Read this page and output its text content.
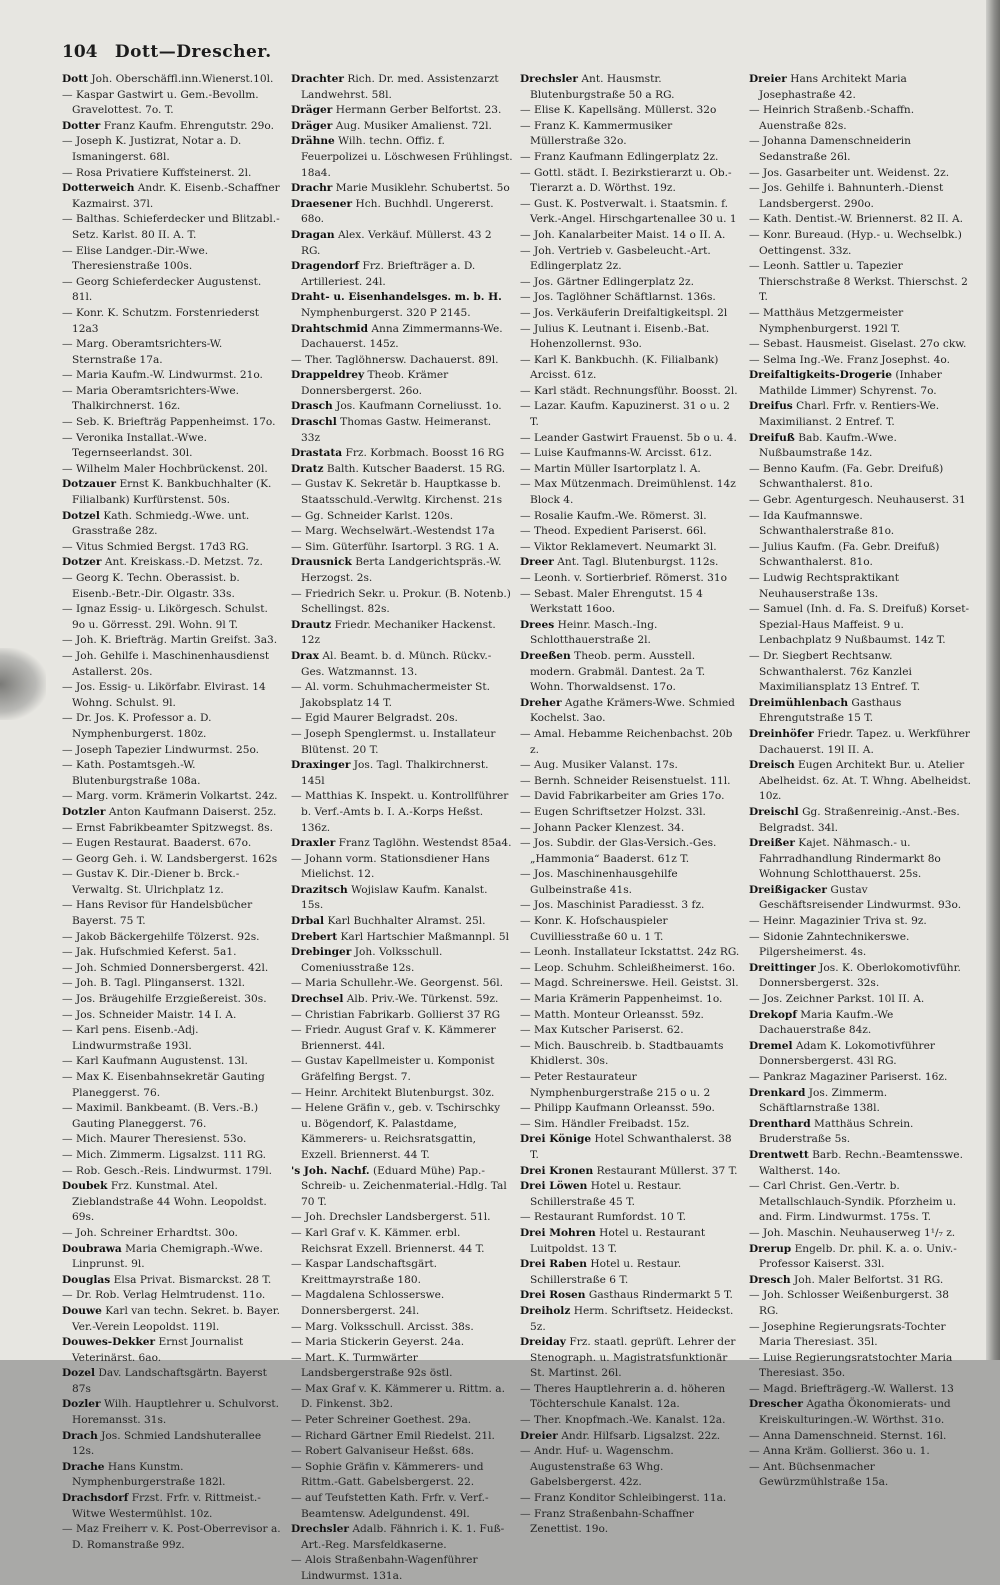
104 Dott—Drescher.
Dott Joh. Oberschäffl.inn.Wienerst.10l.
— Kaspar Gastwirt u. Gem.-Bevollm. Gravelottest. 7o. T.
Dotter Franz Kaufm. Ehrengutstr. 29o.
— Joseph K. Justizrat, Notar a. D. Ismaningerst. 68l.
— Rosa Privatiere Kuffsteinerst. 2l.
Dotterweich Andr. K. Eisenb.-Schaffner Kazmairst. 37l.
— Balthas. Schieferdecker und Blitzabl.-Setz. Karlst. 80 II. A. T.
— Elise Landger.-Dir.-Wwe. Theresienstraße 100s.
— Georg Schieferdecker Augustenst. 81l.
— Konr. K. Schutzm. Forstenriederst 12a3
— Marg. Oberamtsrichters-W. Sternstraße 17a.
— Maria Kaufm.-W. Lindwurmst. 21o.
— Maria Oberamtsrichters-Wwe. Thalkirchnerst. 16z.
— Seb. K. Briefträg Pappenheimst. 17o.
— Veronika Installat.-Wwe. Tegernseerlandst. 30l.
— Wilhelm Maler Hochbrückenst. 20l.
Dotzauer Ernst K. Bankbuchhalter (K. Filialbank) Kurfürstenst. 50s.
Dotzel Kath. Schmiedg.-Wwe. unt. Grasstraße 28z.
— Vitus Schmied Bergst. 17d3 RG.
Dotzer Ant. Kreiskass.-D. Metzst. 7z.
— Georg K. Techn. Oberassist. b. Eisenb.-Betr.-Dir. Olgastr. 33s.
— Ignaz Essig- u. Likörgesch. Schulst. 9o u. Görresst. 29l. Wohn. 9l T.
— Joh. K. Briefträg. Martin Greifst. 3a3.
— Joh. Gehilfe i. Maschinenhausdienst Astallerst. 20s.
— Jos. Essig- u. Likörfabr. Elvirast. 14 Wohng. Schulst. 9l.
— Dr. Jos. K. Professor a. D. Nymphenburgerst. 180z.
— Joseph Tapezier Lindwurmst. 25o.
— Kath. Postamtsgeh.-W. Blutenburgstraße 108a.
— Marg. vorm. Krämerin Volkartst. 24z.
Dotzler Anton Kaufmann Daiserst. 25z.
— Ernst Fabrikbeamter Spitzwegst. 8s.
— Eugen Restaurat. Baaderst. 67o.
— Georg Geh. i. W. Landsbergerst. 162s
— Gustav K. Dir.-Diener b. Brck.-Verwaltg. St. Ulrichplatz 1z.
— Hans Revisor für Handelsbücher Bayerst. 75 T.
— Jakob Bäckergehilfe Tölzerst. 92s.
— Jak. Hufschmied Keferst. 5a1.
— Joh. Schmied Donnersbergerst. 42l.
— Joh. B. Tagl. Plinganserst. 132l.
— Jos. Bräugehilfe Erzgießereist. 30s.
— Jos. Schneider Maistr. 14 I. A.
— Karl pens. Eisenb.-Adj. Lindwurmstraße 193l.
— Karl Kaufmann Augustenst. 13l.
— Max K. Eisenbahnsekretär Gauting Planeggerst. 76.
— Maximil. Bankbeamt. (B. Vers.-B.) Gauting Planeggerst. 76.
— Mich. Maurer Theresienst. 53o.
— Mich. Zimmerm. Ligsalzst. 111 RG.
— Rob. Gesch.-Reis. Lindwurmst. 179l.
Doubek Frz. Kunstmal. Atel. Zieblandstraße 44 Wohn. Leopoldst. 69s.
— Joh. Schreiner Erhardtst. 30o.
Doubrawa Maria Chemigraph.-Wwe. Linprunst. 9l.
Douglas Elsa Privat. Bismarckst. 28 T.
— Dr. Rob. Verlag Helmtrudenst. 11o.
Douwe Karl van techn. Sekret. b. Bayer. Ver.-Verein Leopoldst. 119l.
Douwes-Dekker Ernst Journalist Veterinärst. 6ao.
Dozel Dav. Landschaftsgärtn. Bayerst 87s
Dozler Wilh. Hauptlehrer u. Schulvorst. Horemansst. 31s.
Drach Jos. Schmied Landshuterallee 12s.
Drache Hans Kunstm. Nymphenburgerstraße 182l.
Drachsdorf Frzst. Frfr. v. Rittmeist.-Witwe Westermühlst. 10z.
— Maz Freiherr v. K. Post-Oberrevisor a. D. Romanstraße 99z.
Drachter Rich. Dr. med. Assistenzarzt Landwehrst. 58l.
Dräger Hermann Gerber Belfortst. 23.
Dräger Aug. Musiker Amalienst. 72l.
Drähne Wilh. techn. Offiz. f. Feuerpolizei u. Löschwesen Frühlingst. 18a4.
Drachr Marie Musiklehr. Schubertst. 5o
Draesener Hch. Buchhdl. Ungererst. 68o.
Dragan Alex. Verkäuf. Müllerst. 43 2 RG.
Dragendorf Frz. Briefträger a. D. Artilleriest. 24l.
Draht- u. Eisenhandelsges. m. b. H. Nymphenburgerst. 320 P 2145.
Drahtschmid Anna Zimmermanns-We. Dachauerst. 145z.
— Ther. Taglöhnersw. Dachauerst. 89l.
Drappeldrey Theob. Krämer Donnersbergerst. 26o.
Drasch Jos. Kaufmann Corneliusst. 1o.
Draschl Thomas Gastw. Heimeranst. 33z
Drastata Frz. Korbmach. Boosst 16 RG
Dratz Balth. Kutscher Baaderst. 15 RG.
— Gustav K. Sekretär b. Hauptkasse b. Staatsschuld.-Verwltg. Kirchenst. 21s
— Gg. Schneider Karlst. 120s.
— Marg. Wechselwärt.-Westendst 17a
— Sim. Güterführ. Isartorpl. 3 RG. 1 A.
Drausnick Berta Landgerichtspräs.-W. Herzogst. 2s.
— Friedrich Sekr. u. Prokur. (B. Notenb.) Schellingst. 82s.
Drautz Friedr. Mechaniker Hackenst. 12z
Drax Al. Beamt. b. d. Münch. Rückv.-Ges. Watzmannst. 13.
— Al. vorm. Schuhmachermeister St. Jakobsplatz 14 T.
— Egid Maurer Belgradst. 20s.
— Joseph Spenglermst. u. Installateur Blütenst. 20 T.
Draxinger Jos. Tagl. Thalkirchnerst. 145l
— Matthias K. Inspekt. u. Kontrollführer b. Verf.-Amts b. I. A.-Korps Heßst. 136z.
Draxler Franz Taglöhn. Westendst 85a4.
— Johann vorm. Stationsdiener Hans Mielichst. 12.
Drazitsch Wojislaw Kaufm. Kanalst. 15s.
Drbal Karl Buchhalter Alramst. 25l.
Drebert Karl Hartschier Maßmannpl. 5l
Drebinger Joh. Volksschull. Comeniusstraße 12s.
— Maria Schullehr.-We. Georgenst. 56l.
Drechsel Alb. Priv.-We. Türkenst. 59z.
— Christian Fabrikarb. Gollierst 37 RG
— Friedr. August Graf v. K. Kämmerer Briennerst. 44l.
— Gustav Kapellmeister u. Komponist Gräfelfing Bergst. 7.
— Heinr. Architekt Blutenburgst. 30z.
— Helene Gräfin v., geb. v. Tschirschky u. Bögendorf, K. Palastdame, Kämmerers- u. Reichsratsgattin, Exzell. Briennerst. 44 T.
's Joh. Nachf. (Eduard Mühe) Pap.-Schreib- u. Zeichenmaterial.-Hdlg. Tal 70 T.
— Joh. Drechsler Landsbergerst. 51l.
— Karl Graf v. K. Kämmer. erbl. Reichsrat Exzell. Briennerst. 44 T.
— Kaspar Landschaftsgärt. Kreittmayrstraße 180.
— Magdalena Schlosserswe. Donnersbergerst. 24l.
— Marg. Volksschull. Arcisst. 38s.
— Maria Stickerin Geyerst. 24a.
— Mart. K. Turmwärter Landsbergerstraße 92s östl.
— Max Graf v. K. Kämmerer u. Rittm. a. D. Finkenst. 3b2.
— Peter Schreiner Goethest. 29a.
— Richard Gärtner Emil Riedelst. 21l.
— Robert Galvaniseur Heßst. 68s.
— Sophie Gräfin v. Kämmerers- und Rittm.-Gatt. Gabelsbergerst. 22.
— auf Teufstetten Kath. Frfr. v. Verf.-Beamtensw. Adelgundenst. 49l.
Drechsler Adalb. Fähnrich i. K. 1. Fuß-Art.-Reg. Marsfeldkaserne.
— Alois Straßenbahn-Wagenführer Lindwurmst. 131a.
Drechsler Ant. Hausmstr. Blutenburgstraße 50 a RG.
— Elise K. Kapellsäng. Müllerst. 32o
— Franz K. Kammermusiker Müllerstraße 32o.
— Franz Kaufmann Edlingerplatz 2z.
— Gottl. städt. I. Bezirkstierarzt u. Ob.-Tierarzt a. D. Wörthst. 19z.
— Gust. K. Postverwalt. i. Staatsmin. f. Verk.-Angel. Hirschgartenallee 30 u. 1
— Joh. Kanalarbeiter Maist. 14 o II. A.
— Joh. Vertrieb v. Gasbeleucht.-Art. Edlingerplatz 2z.
— Jos. Gärtner Edlingerplatz 2z.
— Jos. Taglöhner Schäftlarnst. 136s.
— Jos. Verkäuferin Dreifaltigkeitspl. 2l
— Julius K. Leutnant i. Eisenb.-Bat. Hohenzollernst. 93o.
— Karl K. Bankbuchh. (K. Filialbank) Arcisst. 61z.
— Karl städt. Rechnungsführ. Boosst. 2l.
— Lazar. Kaufm. Kapuzinerst. 31 o u. 2 T.
— Leander Gastwirt Frauenst. 5b o u. 4.
— Luise Kaufmanns-W. Arcisst. 61z.
— Martin Müller Isartorplatz l. A.
— Max Mützenmach. Dreimühlenst. 14z Block 4.
— Rosalie Kaufm.-We. Römerst. 3l.
— Theod. Expedient Pariserst. 66l.
— Viktor Reklamevert. Neumarkt 3l.
Dreer Ant. Tagl. Blutenburgst. 112s.
— Leonh. v. Sortierbrief. Römerst. 31o
— Sebast. Maler Ehrengutst. 15 4 Werkstatt 16oo.
Drees Heinr. Masch.-Ing. Schlotthauerstraße 2l.
Dreeßen Theob. perm. Ausstell. modern. Grabmäl. Dantest. 2a T. Wohn. Thorwaldsenst. 17o.
Dreher Agathe Krämers-Wwe. Schmied Kochelst. 3ao.
— Amal. Hebamme Reichenbachst. 20b z.
— Aug. Musiker Valanst. 17s.
— Bernh. Schneider Reisenstuelst. 11l.
— David Fabrikarbeiter am Gries 17o.
— Eugen Schriftsetzer Holzst. 33l.
— Johann Packer Klenzest. 34.
— Jos. Subdir. der Glas-Versich.-Ges. „Hammonia“ Baaderst. 61z T.
— Jos. Maschinenhausgehilfe Gulbeinstraße 41s.
— Jos. Maschinist Paradiesst. 3 fz.
— Konr. K. Hofschauspieler Cuvilliesstraße 60 u. 1 T.
— Leonh. Installateur Ickstattst. 24z RG.
— Leop. Schuhm. Schleißheimerst. 16o.
— Magd. Schreinerswe. Heil. Geistst. 3l.
— Maria Krämerin Pappenheimst. 1o.
— Matth. Monteur Orleansst. 59z.
— Max Kutscher Pariserst. 62.
— Mich. Bauschreib. b. Stadtbauamts Khidlerst. 30s.
— Peter Restaurateur Nymphenburgerstraße 215 o u. 2
— Philipp Kaufmann Orleansst. 59o.
— Sim. Händler Freibadst. 15z.
Drei Könige Hotel Schwanthalerst. 38 T.
Drei Kronen Restaurant Müllerst. 37 T.
Drei Löwen Hotel u. Restaur. Schillerstraße 45 T.
— Restaurant Rumfordst. 10 T.
Drei Mohren Hotel u. Restaurant Luitpoldst. 13 T.
Drei Raben Hotel u. Restaur. Schillerstraße 6 T.
Drei Rosen Gasthaus Rindermarkt 5 T.
Dreiholz Herm. Schriftsetz. Heideckst. 5z.
Dreiday Frz. staatl. geprüft. Lehrer der Stenograph. u. Magistratsfunktionär St. Martinst. 26l.
— Theres Hauptlehrerin a. d. höheren Töchterschule Kanalst. 12a.
— Ther. Knopfmach.-We. Kanalst. 12a.
Dreier Andr. Hilfsarb. Ligsalzst. 22z.
— Andr. Huf- u. Wagenschm. Augustenstraße 63 Whg. Gabelsbergerst. 42z.
— Franz Konditor Schleibingerst. 11a.
— Franz Straßenbahn-Schaffner Zenettist. 19o.
Dreier Hans Architekt Maria Josephastraße 42.
— Heinrich Straßenb.-Schaffn. Auenstraße 82s.
— Johanna Damenschneiderin Sedanstraße 26l.
— Jos. Gasarbeiter unt. Weidenst. 2z.
— Jos. Gehilfe i. Bahnunterh.-Dienst Landsbergerst. 290o.
— Kath. Dentist.-W. Briennerst. 82 II. A.
— Konr. Bureaud. (Hyp.- u. Wechselbk.) Oettingenst. 33z.
— Leonh. Sattler u. Tapezier Thierschstraße 8 Werkst. Thierschst. 2 T.
— Matthäus Metzgermeister Nymphenburgerst. 192l T.
— Sebast. Hausmeist. Giselast. 27o ckw.
— Selma Ing.-We. Franz Josephst. 4o.
Dreifaltigkeits-Drogerie (Inhaber Mathilde Limmer) Schyrenst. 7o.
Dreifus Charl. Frfr. v. Rentiers-We. Maximilianst. 2 Entref. T.
Dreifuß Bab. Kaufm.-Wwe. Nußbaumstraße 14z.
— Benno Kaufm. (Fa. Gebr. Dreifuß) Schwanthalerst. 81o.
— Gebr. Agenturgesch. Neuhauserst. 31
— Ida Kaufmannswe. Schwanthalerstraße 81o.
— Julius Kaufm. (Fa. Gebr. Dreifuß) Schwanthalerst. 81o.
— Ludwig Rechtspraktikant Neuhauserstraße 13s.
— Samuel (Inh. d. Fa. S. Dreifuß) Korset-Spezial-Haus Maffeist. 9 u. Lenbachplatz 9 Nußbaumst. 14z T.
— Dr. Siegbert Rechtsanw. Schwanthalerst. 76z Kanzlei Maximiliansplatz 13 Entref. T.
Dreimühlenbach Gasthaus Ehrengutstraße 15 T.
Dreinhöfer Friedr. Tapez. u. Werkführer Dachauerst. 19l II. A.
Dreisch Eugen Architekt Bur. u. Atelier Abelheidst. 6z. At. T. Whng. Abelheidst. 10z.
Dreischl Gg. Straßenreinig.-Anst.-Bes. Belgradst. 34l.
Dreißer Kajet. Nähmasch.- u. Fahrradhandlung Rindermarkt 8o Wohnung Schlotthauerst. 25s.
Dreißigacker Gustav Geschäftsreisender Lindwurmst. 93o.
— Heinr. Magazinier Triva st. 9z.
— Sidonie Zahntechnikerswe. Pilgersheimerst. 4s.
Dreittinger Jos. K. Oberlokomotivführ. Donnersbergerst. 32s.
— Jos. Zeichner Parkst. 10l II. A.
Drekopf Maria Kaufm.-We Dachauerstraße 84z.
Dremel Adam K. Lokomotivführer Donnersbergerst. 43l RG.
— Pankraz Magaziner Pariserst. 16z.
Drenkard Jos. Zimmerm. Schäftlarnstraße 138l.
Drenthard Matthäus Schrein. Bruderstraße 5s.
Drentwett Barb. Rechn.-Beamtensswe. Waltherst. 14o.
— Carl Christ. Gen.-Vertr. b. Metallschlauch-Syndik. Pforzheim u. and. Firm. Lindwurmst. 175s. T.
— Joh. Maschin. Neuhauserweg 1¹/₇ z.
Drerup Engelb. Dr. phil. K. a. o. Univ.-Professor Kaiserst. 33l.
Dresch Joh. Maler Belfortst. 31 RG.
— Joh. Schlosser Weißenburgerst. 38 RG.
— Josephine Regierungsrats-Tochter Maria Theresiast. 35l.
— Luise Regierungsratstochter Maria Theresiast. 35o.
— Magd. Briefträgerg.-W. Wallerst. 13
Drescher Agatha Ökonomierats- und Kreiskulturingen.-W. Wörthst. 31o.
— Anna Damenschneid. Sternst. 16l.
— Anna Kräm. Gollierst. 36o u. 1.
— Ant. Büchsenmacher Gewürzmühlstraße 15a.
